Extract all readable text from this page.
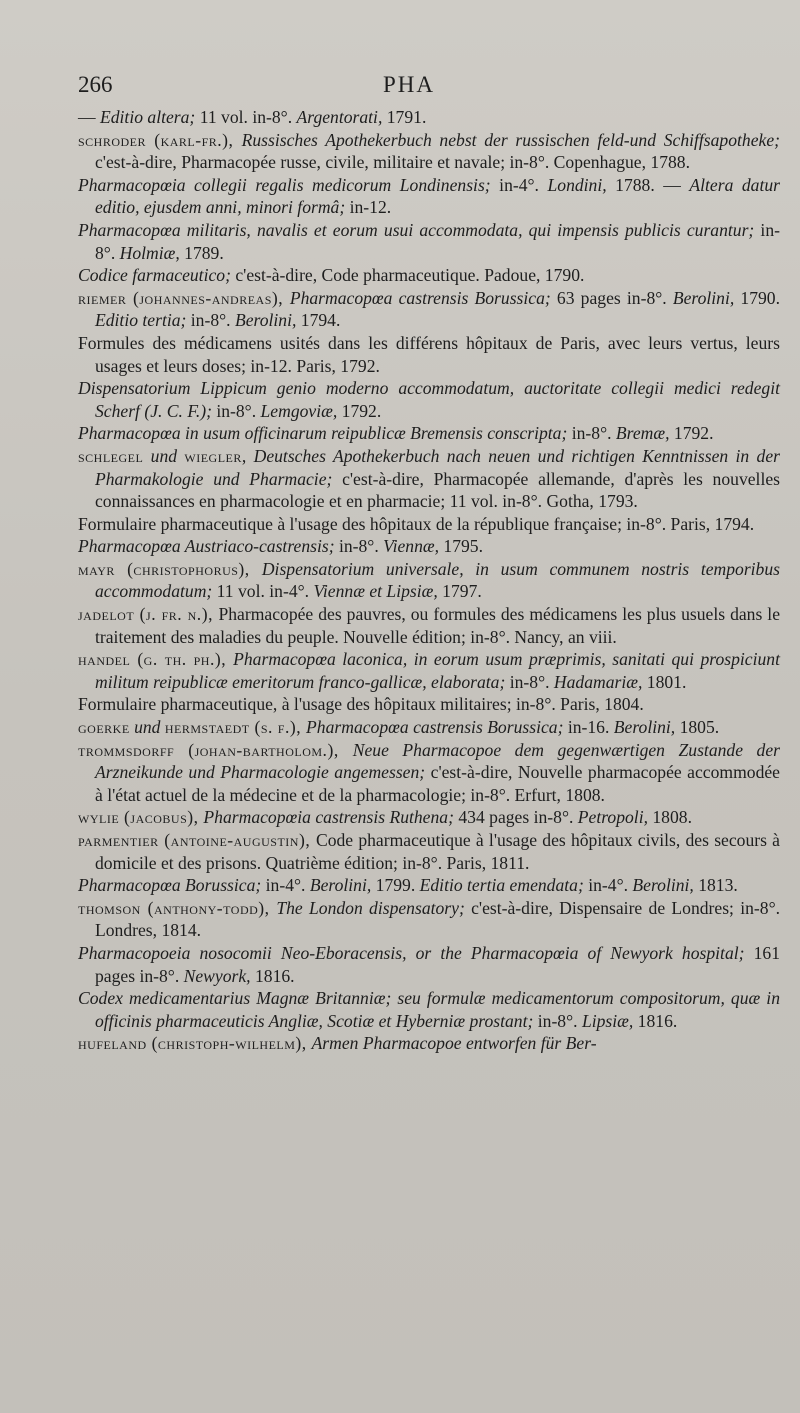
266	PHA

— Editio altera; 11 vol. in-8°. Argentorati, 1791.

schroder (karl-fr.), Russisches Apothekerbuch nebst der russischen feld-und Schiffsapotheke; c'est-à-dire, Pharmacopée russe, civile, militaire et navale; in-8°. Copenhague, 1788.

Pharmacopœia collegii regalis medicorum Londinensis; in-4°. Londini, 1788. — Altera datur editio, ejusdem anni, minori formâ; in-12.

Pharmacopœa militaris, navalis et eorum usui accommodata, qui impensis publicis curantur; in-8°. Holmiæ, 1789.

Codice farmaceutico; c'est-à-dire, Code pharmaceutique. Padoue, 1790.

riemer (johannes-andreas), Pharmacopœa castrensis Borussica; 63 pages in-8°. Berolini, 1790. Editio tertia; in-8°. Berolini, 1794.

Formules des médicamens usités dans les différens hôpitaux de Paris, avec leurs vertus, leurs usages et leurs doses; in-12. Paris, 1792.

Dispensatorium Lippicum genio moderno accommodatum, auctoritate collegii medici redegit Scherf (J. C. F.); in-8°. Lemgoviæ, 1792.

Pharmacopœa in usum officinarum reipublicæ Bremensis conscripta; in-8°. Bremæ, 1792.

schlegel und wiegler, Deutsches Apothekerbuch nach neuen und richtigen Kenntnissen in der Pharmakologie und Pharmacie; c'est-à-dire, Pharmacopée allemande, d'après les nouvelles connaissances en pharmacologie et en pharmacie; 11 vol. in-8°. Gotha, 1793.

Formulaire pharmaceutique à l'usage des hôpitaux de la république française; in-8°. Paris, 1794.

Pharmacopœa Austriaco-castrensis; in-8°. Viennæ, 1795.

mayr (christophorus), Dispensatorium universale, in usum communem nostris temporibus accommodatum; 11 vol. in-4°. Viennæ et Lipsiæ, 1797.

jadelot (j. fr. n.), Pharmacopée des pauvres, ou formules des médicamens les plus usuels dans le traitement des maladies du peuple. Nouvelle édition; in-8°. Nancy, an viii.

handel (g. th. ph.), Pharmacopœa laconica, in eorum usum præprimis, sanitati qui prospiciunt militum reipublicæ emeritorum franco-gallicæ, elaborata; in-8°. Hadamariæ, 1801.

Formulaire pharmaceutique, à l'usage des hôpitaux militaires; in-8°. Paris, 1804.

goerke und hermstaedt (s. f.), Pharmacopœa castrensis Borussica; in-16. Berolini, 1805.

trommsdorff (johan-bartholom.), Neue Pharmacopoe dem gegenwærtigen Zustande der Arzneikunde und Pharmacologie angemessen; c'est-à-dire, Nouvelle pharmacopée accommodée à l'état actuel de la médecine et de la pharmacologie; in-8°. Erfurt, 1808.

wylie (jacobus), Pharmacopœia castrensis Ruthena; 434 pages in-8°. Petropoli, 1808.

parmentier (antoine-augustin), Code pharmaceutique à l'usage des hôpitaux civils, des secours à domicile et des prisons. Quatrième édition; in-8°. Paris, 1811.

Pharmacopœa Borussica; in-4°. Berolini, 1799. Editio tertia emendata; in-4°. Berolini, 1813.

thomson (anthony-todd), The London dispensatory; c'est-à-dire, Dispensaire de Londres; in-8°. Londres, 1814.

Pharmacopoeia nosocomii Neo-Eboracensis, or the Pharmacopœia of Newyork hospital; 161 pages in-8°. Newyork, 1816.

Codex medicamentarius Magnæ Britanniæ; seu formulæ medicamentorum compositorum, quæ in officinis pharmaceuticis Angliæ, Scotiæ et Hyberniæ prostant; in-8°. Lipsiæ, 1816.

hufeland (christoph-wilhelm), Armen Pharmacopoe entworfen für Ber-
